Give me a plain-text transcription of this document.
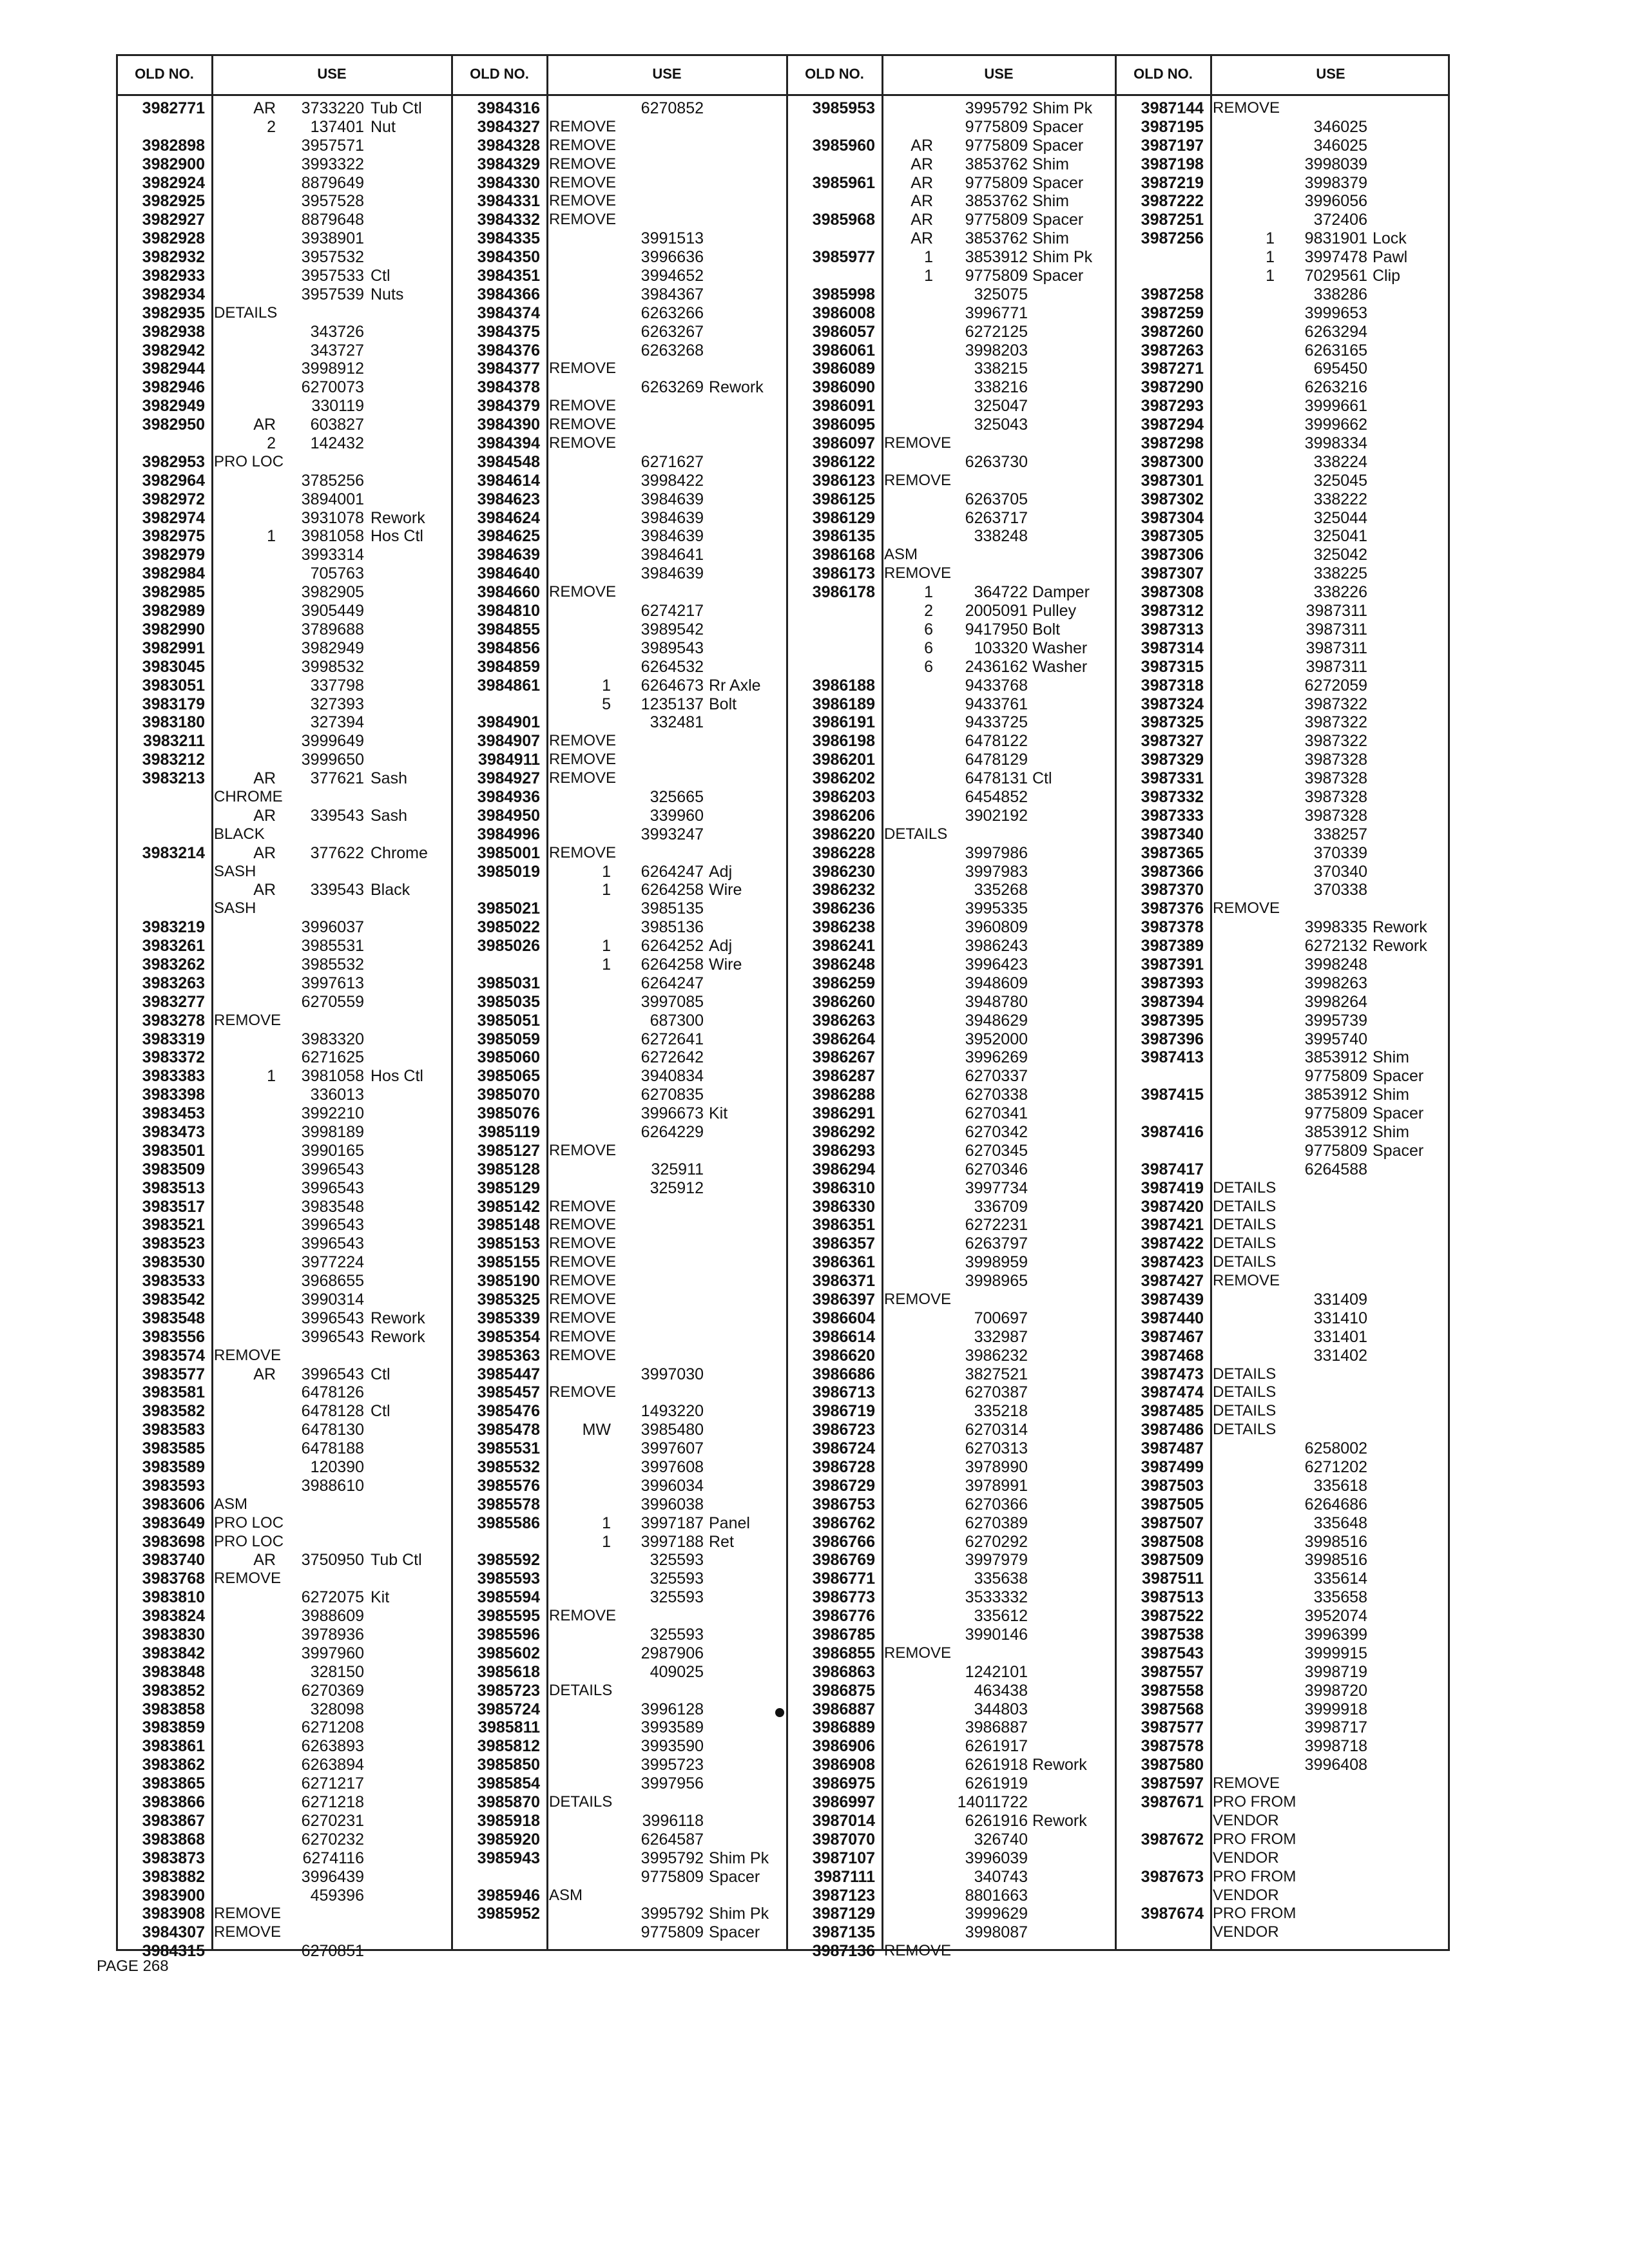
OLD NO.	USE
3982771	AR	3733220 Tub Ctl
2	137401 Nut
3982898	3957571
3982900	3993322
3982924	8879649
3982925	3957528
3982927	8879648
3982928	3938901
3982932	3957532
3982933	3957533 Ctl
3982934	3957539 Nuts
3982935 DETAILS
3982938	343726
3982942	343727
3982944	3998912
3982946	6270073
3982949	330119
3982950	AR	603827
2	142432
3982953 PRO LOC
3982964	3785256
3982972	3894001
3982974	3931078 Rework
3982975	1	3981058 Hos Ctl
3982979	3993314
3982984	705763
3982985	3982905
3982989	3905449
3982990	3789688
3982991	3982949
3983045	3998532
3983051	337798
3983179	327393
3983180	327394
3983211	3999649
3983212	3999650
3983213	AR	377621 Sash
CHROME
AR	339543 Sash
BLACK
3983214	AR	377622 Chrome
SASH
AR	339543 Black
SASH
3983219	3996037
3983261	3985531
3983262	3985532
3983263	3997613
3983277	6270559
3983278 REMOVE
3983319	3983320
3983372	6271625
3983383	1	3981058 Hos Ctl
3983398	336013
3983453	3992210
3983473	3998189
3983501	3990165
3983509	3996543
3983513	3996543
3983517	3983548
3983521	3996543
3983523	3996543
3983530	3977224
3983533	3968655
3983542	3990314
3983548	3996543 Rework
3983556	3996543 Rework
3983574 REMOVE
3983577	AR	3996543 Ctl
3983581	6478126
3983582	6478128 Ctl
3983583	6478130
3983585	6478188
3983589	120390
3983593	3988610
3983606 ASM
3983649 PRO LOC
3983698 PRO LOC
3983740	AR	3750950 Tub Ctl
3983768 REMOVE
3983810	6272075 Kit
3983824	3988609
3983830	3978936
3983842	3997960
3983848	328150
3983852	6270369
3983858	328098
3983859	6271208
3983861	6263893
3983862	6263894
3983865	6271217
3983866	6271218
3983867	6270231
3983868	6270232
3983873	6274116
3983882	3996439
3983900	459396
3983908 REMOVE
3984307 REMOVE
3984315	6270851
OLD NO.	USE
3984316	6270852
3984327 REMOVE
3984328 REMOVE
3984329 REMOVE
3984330 REMOVE
3984331 REMOVE
3984332 REMOVE
3984335	3991513
3984350	3996636
3984351	3994652
3984366	3984367
3984374	6263266
3984375	6263267
3984376	6263268
3984377 REMOVE
3984378	6263269 Rework
3984379 REMOVE
3984390 REMOVE
3984394 REMOVE
3984548	6271627
3984614	3998422
3984623	3984639
3984624	3984639
3984625	3984639
3984639	3984641
3984640	3984639
3984660 REMOVE
3984810	6274217
3984855	3989542
3984856	3989543
3984859	6264532
3984861	1	6264673 Rr Axle
5	1235137 Bolt
3984901	332481
3984907 REMOVE
3984911 REMOVE
3984927 REMOVE
3984936	325665
3984950	339960
3984996	3993247
3985001 REMOVE
3985019	1	6264247 Adj
1	6264258 Wire
3985021	3985135
3985022	3985136
3985026	1	6264252 Adj
1	6264258 Wire
3985031	6264247
3985035	3997085
3985051	687300
3985059	6272641
3985060	6272642
3985065	3940834
3985070	6270835
3985076	3996673 Kit
3985119	6264229
3985127 REMOVE
3985128	325911
3985129	325912
3985142 REMOVE
3985148 REMOVE
3985153 REMOVE
3985155 REMOVE
3985190 REMOVE
3985325 REMOVE
3985339 REMOVE
3985354 REMOVE
3985363 REMOVE
3985447	3997030
3985457 REMOVE
3985476	1493220
3985478	MW	3985480
3985531	3997607
3985532	3997608
3985576	3996034
3985578	3996038
3985586	1	3997187 Panel
1	3997188 Ret
3985592	325593
3985593	325593
3985594	325593
3985595 REMOVE
3985596	325593
3985602	2987906
3985618	409025
3985723 DETAILS
3985724	3996128
3985811	3993589
3985812	3993590
3985850	3995723
3985854	3997956
3985870 DETAILS
3985918	3996118
3985920	6264587
3985943	3995792 Shim Pk
9775809 Spacer
3985946 ASM
3985952	3995792 Shim Pk
9775809 Spacer
OLD NO.	USE
3985953	3995792 Shim Pk
9775809 Spacer
3985960	AR	9775809 Spacer
AR	3853762 Shim
3985961	AR	9775809 Spacer
AR	3853762 Shim
3985968	AR	9775809 Spacer
AR	3853762 Shim
3985977	1	3853912 Shim Pk
1	9775809 Spacer
3985998	325075
3986008	3996771
3986057	6272125
3986061	3998203
3986089	338215
3986090	338216
3986091	325047
3986095	325043
3986097 REMOVE
3986122	6263730
3986123 REMOVE
3986125	6263705
3986129	6263717
3986135	338248
3986168 ASM
3986173 REMOVE
3986178	1	364722 Damper
2	2005091 Pulley
6	9417950 Bolt
6	103320 Washer
6	2436162 Washer
3986188	9433768
3986189	9433761
3986191	9433725
3986198	6478122
3986201	6478129
3986202	6478131 Ctl
3986203	6454852
3986206	3902192
3986220 DETAILS
3986228	3997986
3986230	3997983
3986232	335268
3986236	3995335
3986238	3960809
3986241	3986243
3986248	3996423
3986259	3948609
3986260	3948780
3986263	3948629
3986264	3952000
3986267	3996269
3986287	6270337
3986288	6270338
3986291	6270341
3986292	6270342
3986293	6270345
3986294	6270346
3986310	3997734
3986330	336709
3986351	6272231
3986357	6263797
3986361	3998959
3986371	3998965
3986397 REMOVE
3986604	700697
3986614	332987
3986620	3986232
3986686	3827521
3986713	6270387
3986719	335218
3986723	6270314
3986724	6270313
3986728	3978990
3986729	3978991
3986753	6270366
3986762	6270389
3986766	6270292
3986769	3997979
3986771	335638
3986773	3533332
3986776	335612
3986785	3990146
3986855 REMOVE
3986863	1242101
3986875	463438
3986887	344803
3986889	3986887
3986906	6261917
3986908	6261918 Rework
3986975	6261919
3986997	14011722
3987014	6261916 Rework
3987070	326740
3987107	3996039
3987111	340743
3987123	8801663
3987129	3999629
3987135	3998087
3987136 REMOVE
OLD NO.	USE
3987144 REMOVE
3987195	346025
3987197	346025
3987198	3998039
3987219	3998379
3987222	3996056
3987251	372406
3987256	1	9831901 Lock
1	3997478 Pawl
1	7029561 Clip
3987258	338286
3987259	3999653
3987260	6263294
3987263	6263165
3987271	695450
3987290	6263216
3987293	3999661
3987294	3999662
3987298	3998334
3987300	338224
3987301	325045
3987302	338222
3987304	325044
3987305	325041
3987306	325042
3987307	338225
3987308	338226
3987312	3987311
3987313	3987311
3987314	3987311
3987315	3987311
3987318	6272059
3987324	3987322
3987325	3987322
3987327	3987322
3987329	3987328
3987331	3987328
3987332	3987328
3987333	3987328
3987340	338257
3987365	370339
3987366	370340
3987370	370338
3987376 REMOVE
3987378	3998335 Rework
3987389	6272132 Rework
3987391	3998248
3987393	3998263
3987394	3998264
3987395	3995739
3987396	3995740
3987413	3853912 Shim
9775809 Spacer
3987415	3853912 Shim
9775809 Spacer
3987416	3853912 Shim
9775809 Spacer
3987417	6264588
3987419 DETAILS
3987420 DETAILS
3987421 DETAILS
3987422 DETAILS
3987423 DETAILS
3987427 REMOVE
3987439	331409
3987440	331410
3987467	331401
3987468	331402
3987473 DETAILS
3987474 DETAILS
3987485 DETAILS
3987486 DETAILS
3987487	6258002
3987499	6271202
3987503	335618
3987505	6264686
3987507	335648
3987508	3998516
3987509	3998516
3987511	335614
3987513	335658
3987522	3952074
3987538	3996399
3987543	3999915
3987557	3998719
3987558	3998720
3987568	3999918
3987577	3998717
3987578	3998718
3987580	3996408
3987597 REMOVE
3987671 PRO FROM
VENDOR
3987672 PRO FROM
VENDOR
3987673 PRO FROM
VENDOR
3987674 PRO FROM
VENDOR
PAGE 268
